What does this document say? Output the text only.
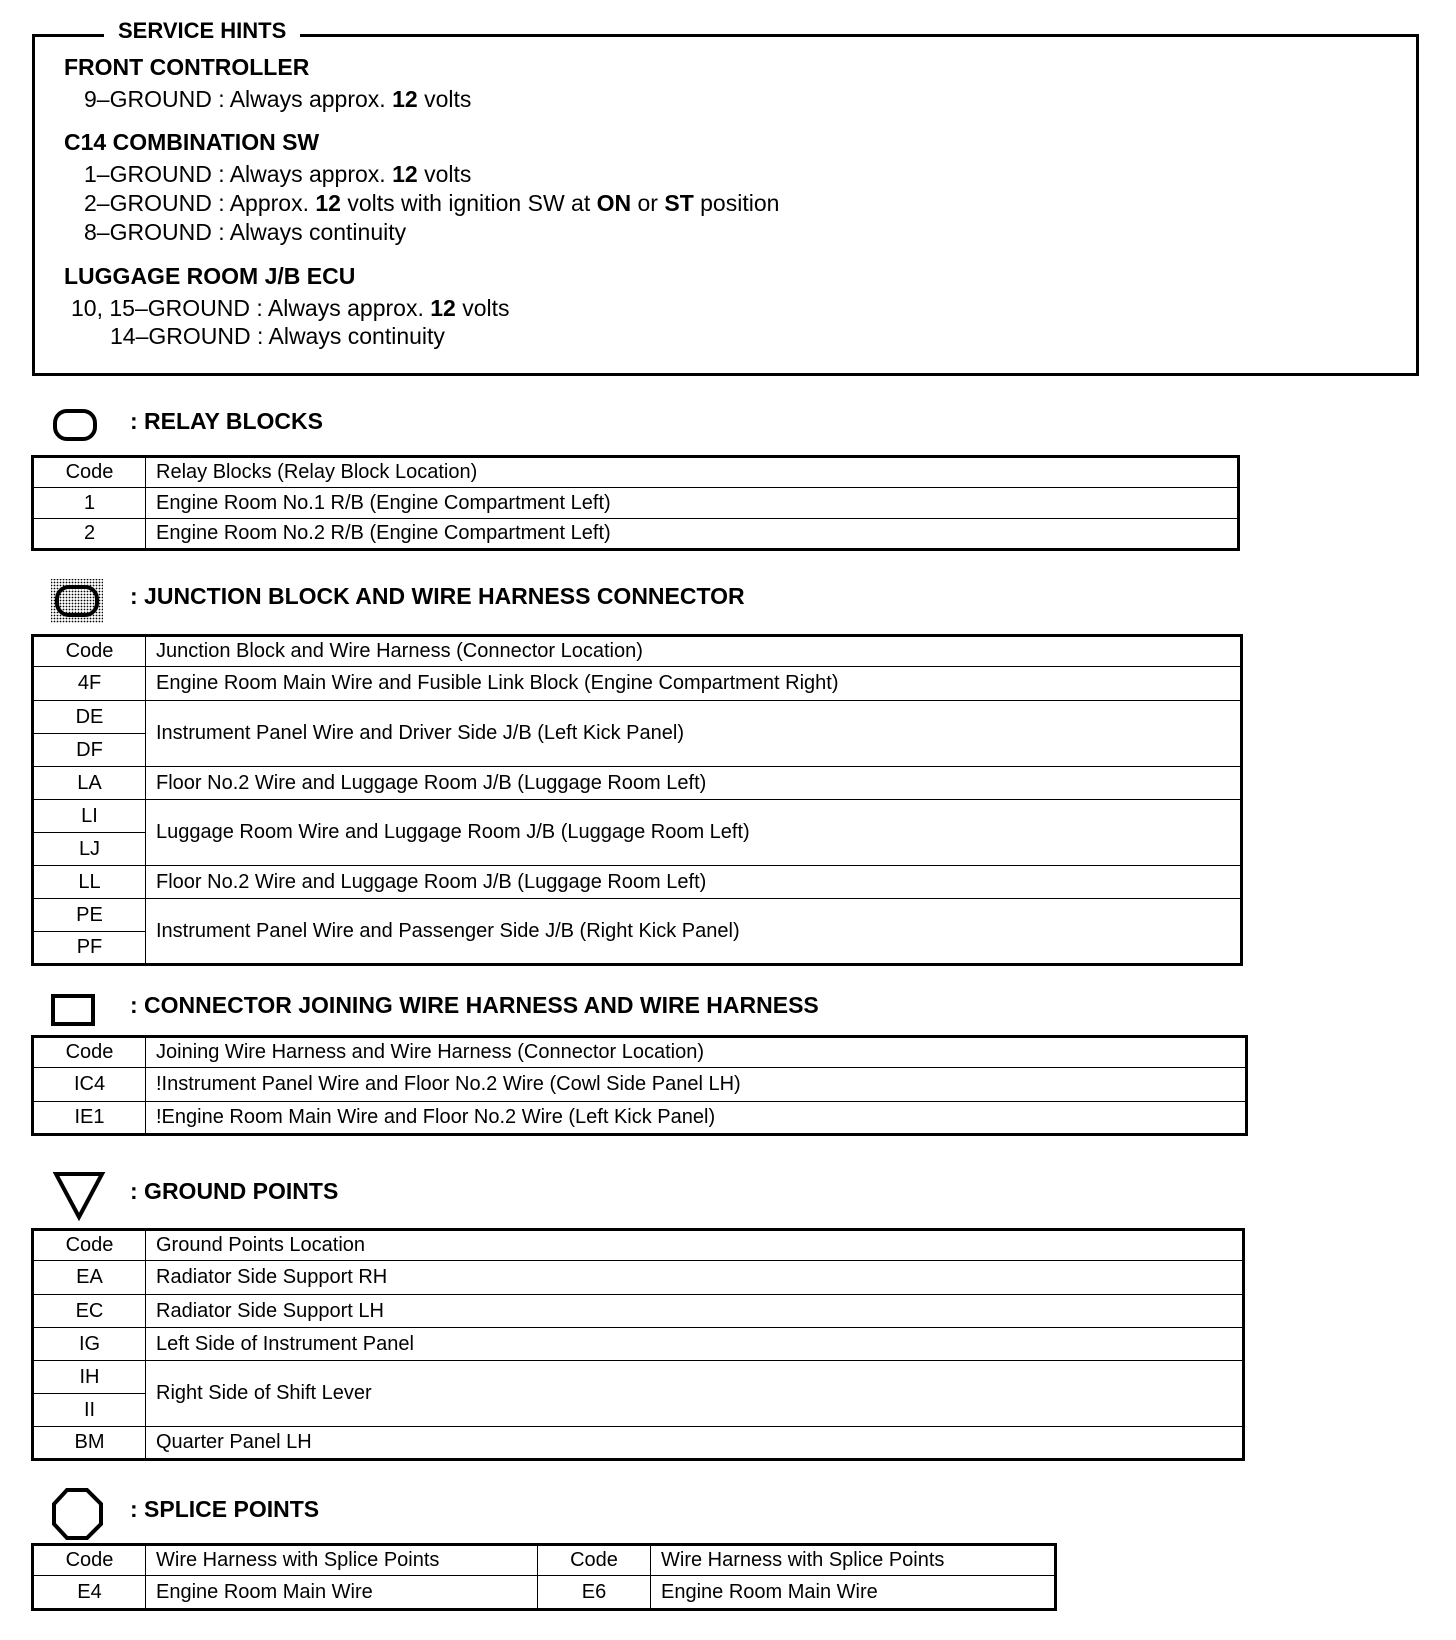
SERVICE HINTS
FRONT CONTROLLER
9–GROUND : Always approx. 12 volts
C14 COMBINATION SW
1–GROUND : Always approx. 12 volts
2–GROUND : Approx. 12 volts with ignition SW at ON or ST position
8–GROUND : Always continuity
LUGGAGE ROOM J/B ECU
10, 15–GROUND : Always approx. 12 volts
14–GROUND : Always continuity
: RELAY BLOCKS
Code	Relay Blocks (Relay Block Location)
1	Engine Room No.1 R/B (Engine Compartment Left)
2	Engine Room No.2 R/B (Engine Compartment Left)
: JUNCTION BLOCK AND WIRE HARNESS CONNECTOR
Code	Junction Block and Wire Harness (Connector Location)
4F	Engine Room Main Wire and Fusible Link Block (Engine Compartment Right)
DE	Instrument Panel Wire and Driver Side J/B (Left Kick Panel)
DF	
LA	Floor No.2 Wire and Luggage Room J/B (Luggage Room Left)
LI	Luggage Room Wire and Luggage Room J/B (Luggage Room Left)
LJ	
LL	Floor No.2 Wire and Luggage Room J/B (Luggage Room Left)
PE	Instrument Panel Wire and Passenger Side J/B (Right Kick Panel)
PF	
: CONNECTOR JOINING WIRE HARNESS AND WIRE HARNESS
Code	Joining Wire Harness and Wire Harness (Connector Location)
IC4	!Instrument Panel Wire and Floor No.2 Wire (Cowl Side Panel LH)
IE1	!Engine Room Main Wire and Floor No.2 Wire (Left Kick Panel)
: GROUND POINTS
Code	Ground Points Location
EA	Radiator Side Support RH
EC	Radiator Side Support LH
IG	Left Side of Instrument Panel
IH	Right Side of Shift Lever
II	
BM	Quarter Panel LH
: SPLICE POINTS
Code	Wire Harness with Splice Points	Code	Wire Harness with Splice Points
E4	Engine Room Main Wire	E6	Engine Room Main Wire
